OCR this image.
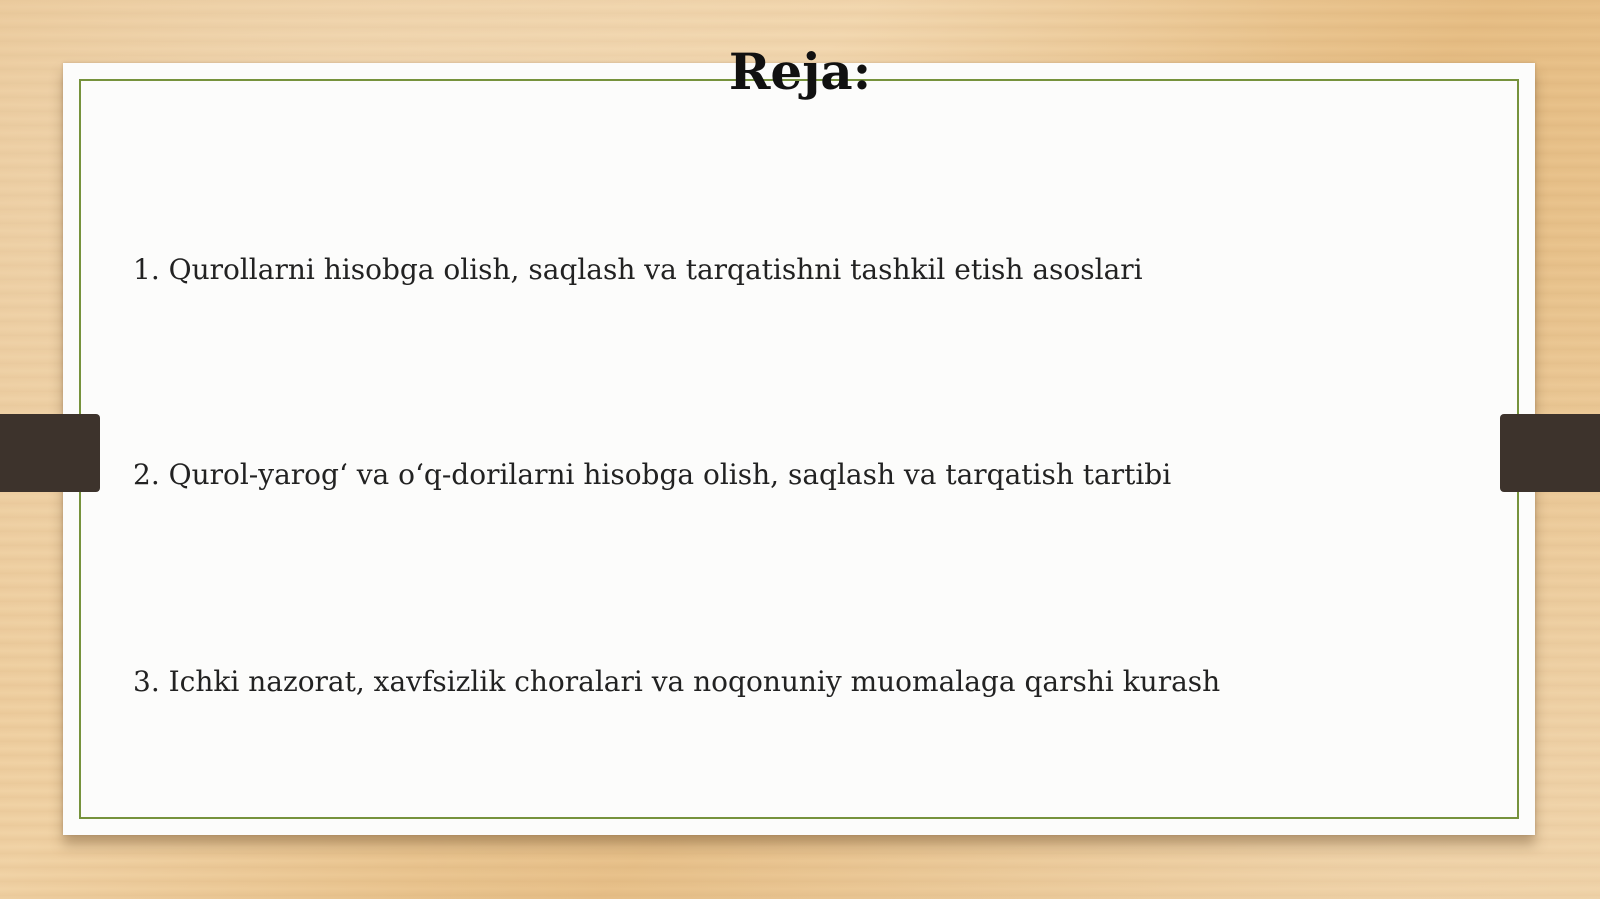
Reja:
1. Qurollarni hisobga olish, saqlash va tarqatishni tashkil etish asoslari
2. Qurol-yarog‘ va o‘q-dorilarni hisobga olish, saqlash va tarqatish tartibi
3. Ichki nazorat, xavfsizlik choralari va noqonuniy muomalaga qarshi kurash
